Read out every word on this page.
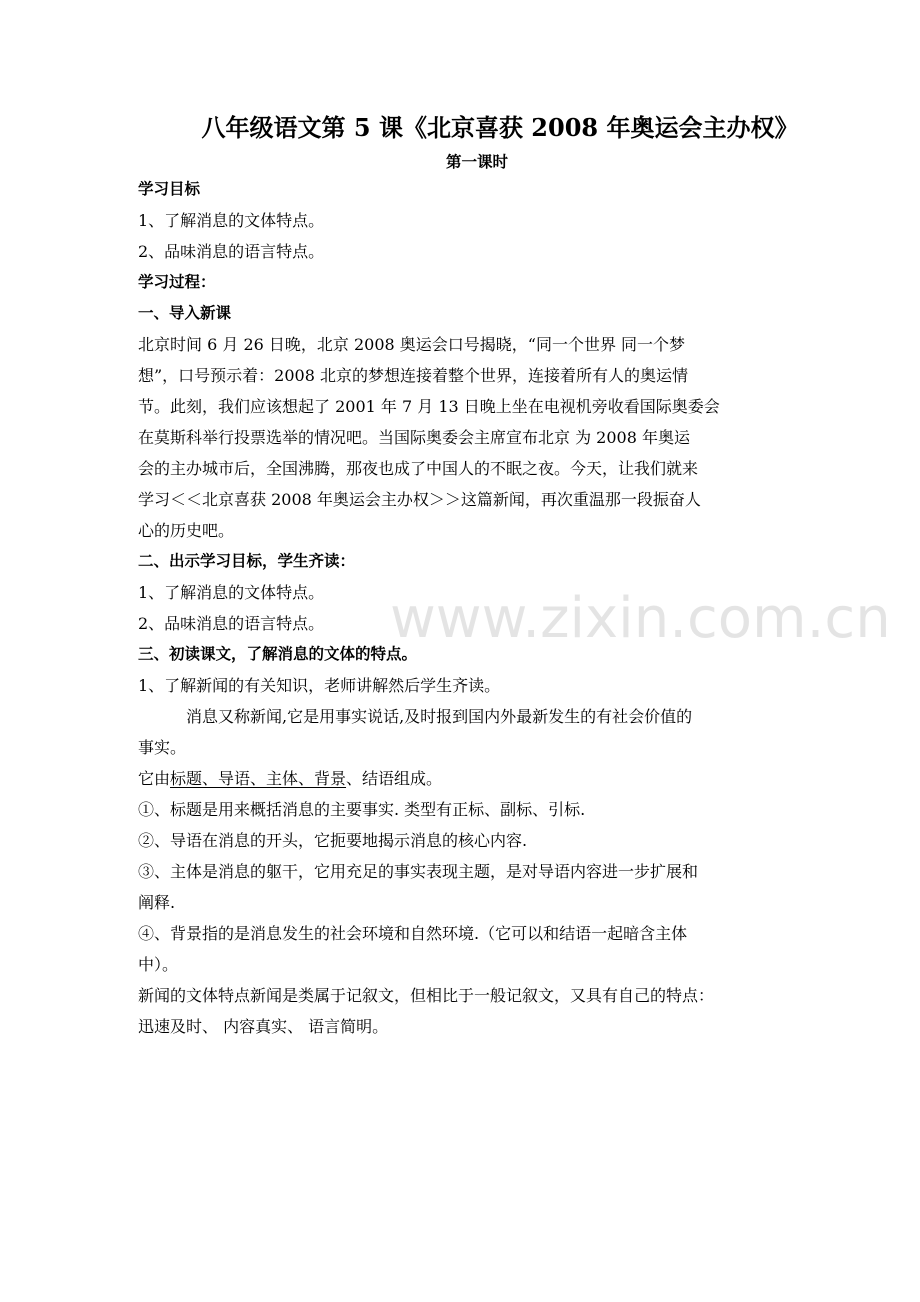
八年级语文第 5 课《北京喜获 2008 年奥运会主办权》
第一课时
www.zixin.com.cn
学习目标
1、了解消息的文体特点。
2、品味消息的语言特点。
学习过程：
一、导入新课
北京时间 6 月 26 日晚，北京 2008 奥运会口号揭晓，“同一个世界 同一个梦
想”，口号预示着：2008 北京的梦想连接着整个世界，连接着所有人的奥运情
节。此刻，我们应该想起了 2001 年 7 月 13 日晚上坐在电视机旁收看国际奥委会
在莫斯科举行投票选举的情况吧。当国际奥委会主席宣布北京 为 2008 年奥运
会的主办城市后，全国沸腾，那夜也成了中国人的不眠之夜。今天，让我们就来
学习＜＜北京喜获 2008 年奥运会主办权＞＞这篇新闻，再次重温那一段振奋人
心的历史吧。
二、出示学习目标，学生齐读：
1、了解消息的文体特点。
2、品味消息的语言特点。
三、初读课文，了解消息的文体的特点。
1、了解新闻的有关知识，老师讲解然后学生齐读。
消息又称新闻,它是用事实说话,及时报到国内外最新发生的有社会价值的
事实。
它由标题、导语、主体、背景、结语组成。
①、标题是用来概括消息的主要事实. 类型有正标、副标、引标.
②、导语在消息的开头，它扼要地揭示消息的核心内容.
③、主体是消息的躯干，它用充足的事实表现主题，是对导语内容进一步扩展和
阐释.
④、背景指的是消息发生的社会环境和自然环境.（它可以和结语一起暗含主体
中）。
新闻的文体特点新闻是类属于记叙文，但相比于一般记叙文，又具有自己的特点：
迅速及时、 内容真实、 语言简明。
